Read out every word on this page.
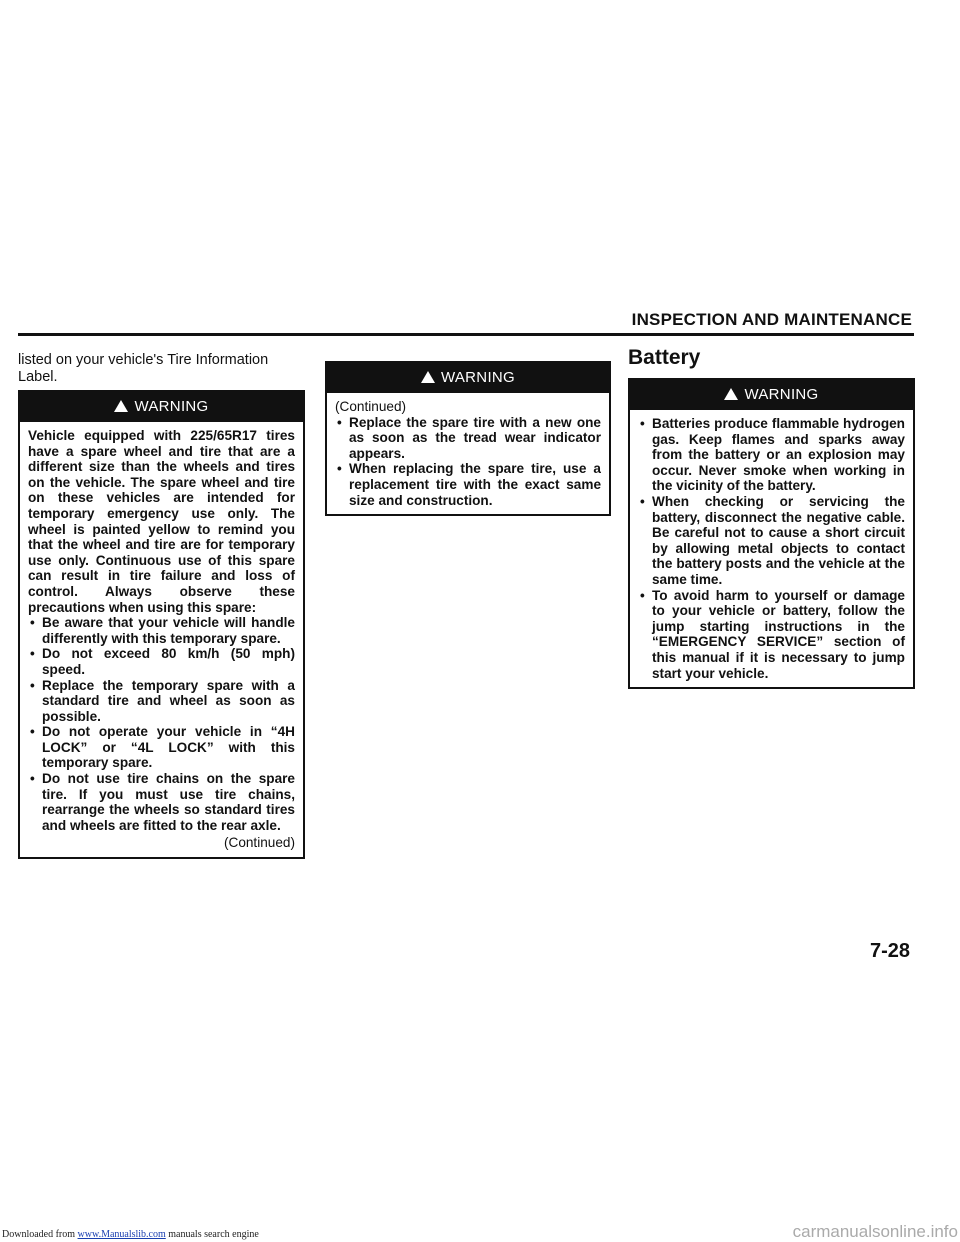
INSPECTION AND MAINTENANCE
listed on your vehicle's Tire Information Label.
Battery
WARNING

Vehicle equipped with 225/65R17 tires have a spare wheel and tire that are a different size than the wheels and tires on the vehicle. The spare wheel and tire on these vehicles are intended for temporary emergency use only. The wheel is painted yellow to remind you that the wheel and tire are for temporary use only. Continuous use of this spare can result in tire failure and loss of control. Always observe these precautions when using this spare:

• Be aware that your vehicle will handle differently with this temporary spare.
• Do not exceed 80 km/h (50 mph) speed.
• Replace the temporary spare with a standard tire and wheel as soon as possible.
• Do not operate your vehicle in “4H LOCK” or “4L LOCK” with this temporary spare.
• Do not use tire chains on the spare tire. If you must use tire chains, rearrange the wheels so standard tires and wheels are fitted to the rear axle.
(Continued)
WARNING
(Continued)
• Replace the spare tire with a new one as soon as the tread wear indicator appears.
• When replacing the spare tire, use a replacement tire with the exact same size and construction.
WARNING
• Batteries produce flammable hydrogen gas. Keep flames and sparks away from the battery or an explosion may occur. Never smoke when working in the vicinity of the battery.
• When checking or servicing the battery, disconnect the negative cable. Be careful not to cause a short circuit by allowing metal objects to contact the battery posts and the vehicle at the same time.
• To avoid harm to yourself or damage to your vehicle or battery, follow the jump starting instructions in the “EMERGENCY SERVICE” section of this manual if it is necessary to jump start your vehicle.
7-28
Downloaded from www.Manualslib.com manuals search engine	carmanualsonline.info
